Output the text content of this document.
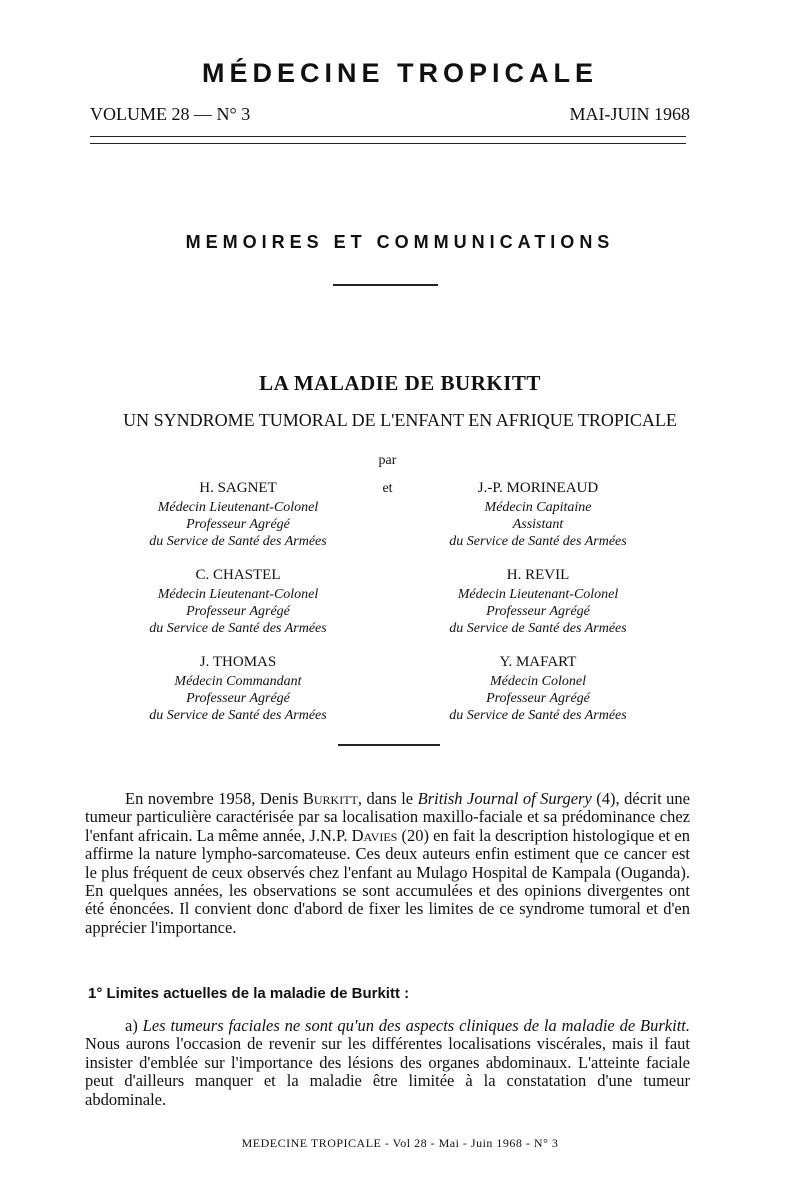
MÉDECINE TROPICALE
VOLUME 28 — N° 3	MAI-JUIN 1968
MEMOIRES ET COMMUNICATIONS
LA MALADIE DE BURKITT
UN SYNDROME TUMORAL DE L'ENFANT EN AFRIQUE TROPICALE
par
et
H. SAGNET
Médecin Lieutenant-Colonel
Professeur Agrégé
du Service de Santé des Armées
C. CHASTEL
Médecin Lieutenant-Colonel
Professeur Agrégé
du Service de Santé des Armées
J. THOMAS
Médecin Commandant
Professeur Agrégé
du Service de Santé des Armées
J.-P. MORINEAUD
Médecin Capitaine
Assistant
du Service de Santé des Armées
H. REVIL
Médecin Lieutenant-Colonel
Professeur Agrégé
du Service de Santé des Armées
Y. MAFART
Médecin Colonel
Professeur Agrégé
du Service de Santé des Armées

En novembre 1958, Denis Burkitt, dans le British Journal of Surgery (4), décrit une tumeur particulière caractérisée par sa localisation maxillo-faciale et sa prédominance chez l'enfant africain. La même année, J.N.P. Davies (20) en fait la description histologique et en affirme la nature lympho-sarcomateuse. Ces deux auteurs enfin estiment que ce cancer est le plus fréquent de ceux observés chez l'enfant au Mulago Hospital de Kampala (Ouganda). En quelques années, les observations se sont accumulées et des opinions divergentes ont été énoncées. Il convient donc d'abord de fixer les limites de ce syndrome tumoral et d'en apprécier l'importance.

1° Limites actuelles de la maladie de Burkitt :

a) Les tumeurs faciales ne sont qu'un des aspects cliniques de la maladie de Burkitt. Nous aurons l'occasion de revenir sur les différentes localisations viscérales, mais il faut insister d'emblée sur l'importance des lésions des organes abdominaux. L'atteinte faciale peut d'ailleurs manquer et la maladie être limitée à la constatation d'une tumeur abdominale.

MEDECINE TROPICALE - Vol 28 - Mai - Juin 1968 - N° 3
